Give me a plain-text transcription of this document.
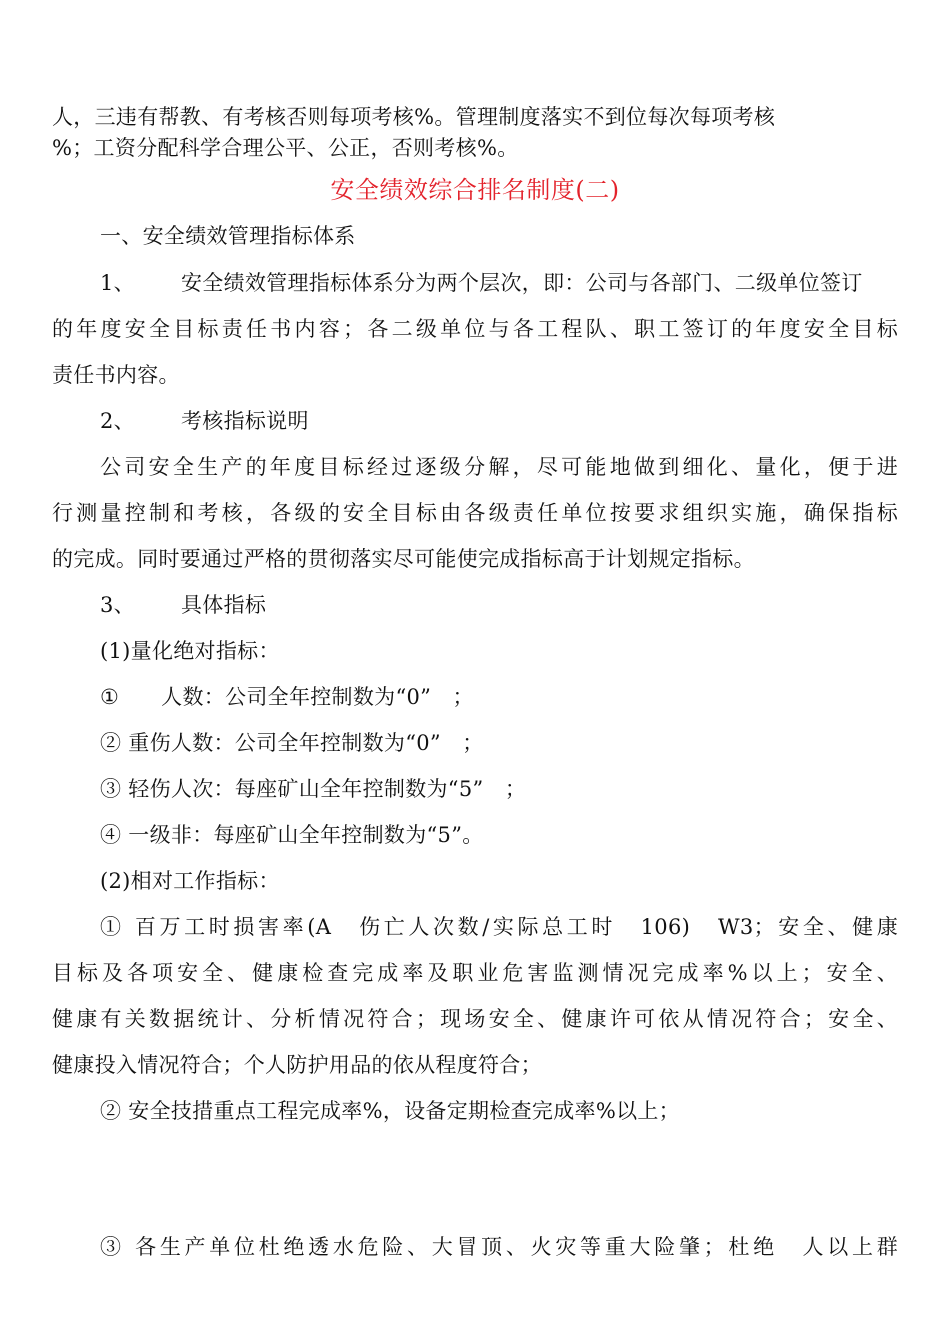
人，三违有帮教、有考核否则每项考核%。管理制度落实不到位每次每项考核
%；工资分配科学合理公平、公正，否则考核%。
安全绩效综合排名制度(二)
一、安全绩效管理指标体系
1、 安全绩效管理指标体系分为两个层次，即：公司与各部门、二级单位签订
的年度安全目标责任书内容；各二级单位与各工程队、职工签订的年度安全目标
责任书内容。
2、 考核指标说明
公司安全生产的年度目标经过逐级分解，尽可能地做到细化、量化，便于进
行测量控制和考核，各级的安全目标由各级责任单位按要求组织实施，确保指标
的完成。同时要通过严格的贯彻落实尽可能使完成指标高于计划规定指标。
3、 具体指标
(1)量化绝对指标：
① 人数：公司全年控制数为“0”　；
② 重伤人数：公司全年控制数为“0”　；
③ 轻伤人次：每座矿山全年控制数为“5”　；
④ 一级非：每座矿山全年控制数为“5”。
(2)相对工作指标：
① 百万工时损害率(A　伤亡人次数/实际总工时　106)　W3；安全、健康
目标及各项安全、健康检查完成率及职业危害监测情况完成率%以上；安全、
健康有关数据统计、分析情况符合；现场安全、健康许可依从情况符合；安全、
健康投入情况符合；个人防护用品的依从程度符合；
② 安全技措重点工程完成率%，设备定期检查完成率%以上；
③ 各生产单位杜绝透水危险、大冒顶、火灾等重大险肇；杜绝　人以上群
